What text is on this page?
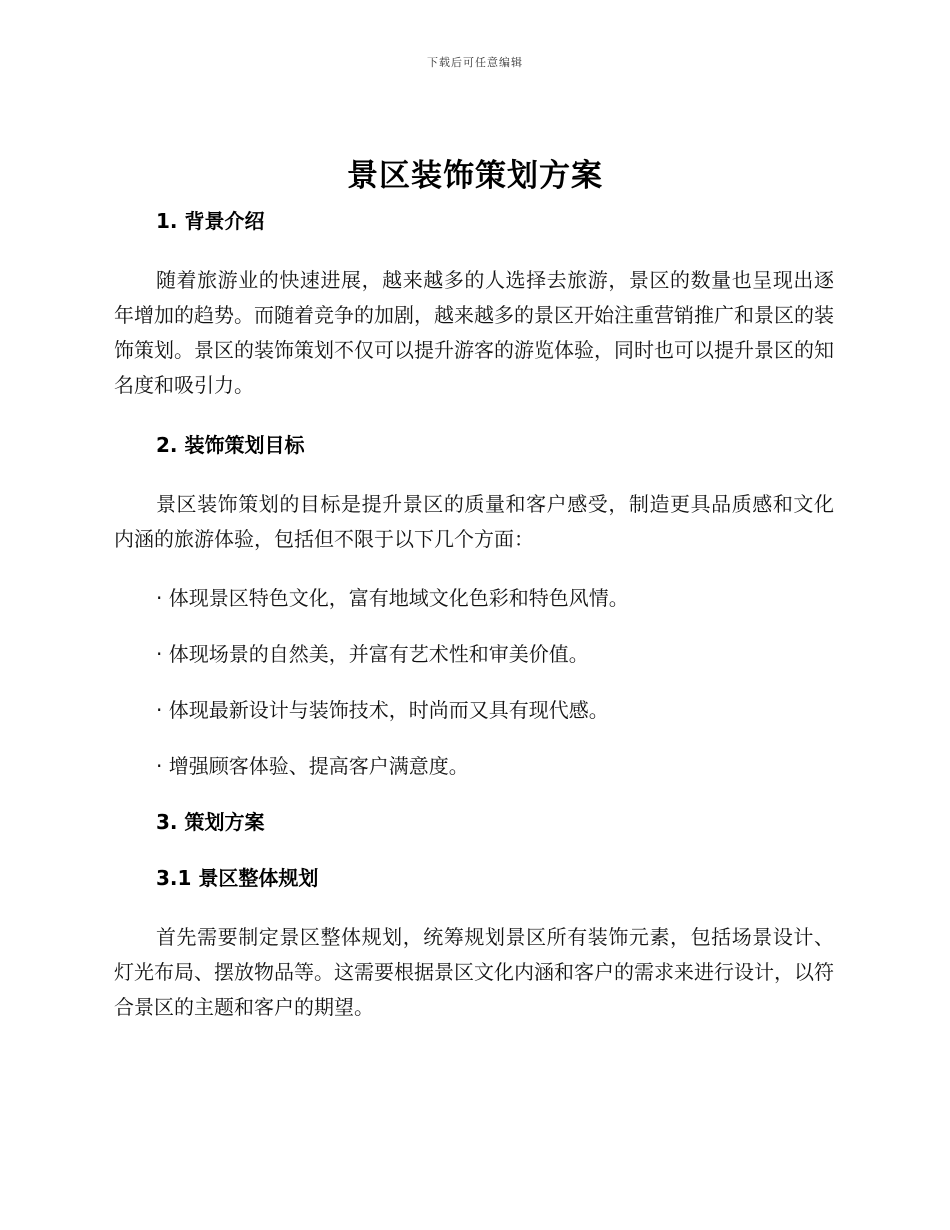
下载后可任意编辑
景区装饰策划方案

1. 背景介绍

随着旅游业的快速进展，越来越多的人选择去旅游，景区的数量也呈现出逐年增加的趋势。而随着竞争的加剧，越来越多的景区开始注重营销推广和景区的装饰策划。景区的装饰策划不仅可以提升游客的游览体验，同时也可以提升景区的知名度和吸引力。

2. 装饰策划目标

景区装饰策划的目标是提升景区的质量和客户感受，制造更具品质感和文化内涵的旅游体验，包括但不限于以下几个方面：

· 体现景区特色文化，富有地域文化色彩和特色风情。

· 体现场景的自然美，并富有艺术性和审美价值。

· 体现最新设计与装饰技术，时尚而又具有现代感。

· 增强顾客体验、提高客户满意度。

3. 策划方案

3.1 景区整体规划

首先需要制定景区整体规划，统筹规划景区所有装饰元素，包括场景设计、灯光布局、摆放物品等。这需要根据景区文化内涵和客户的需求来进行设计，以符合景区的主题和客户的期望。
